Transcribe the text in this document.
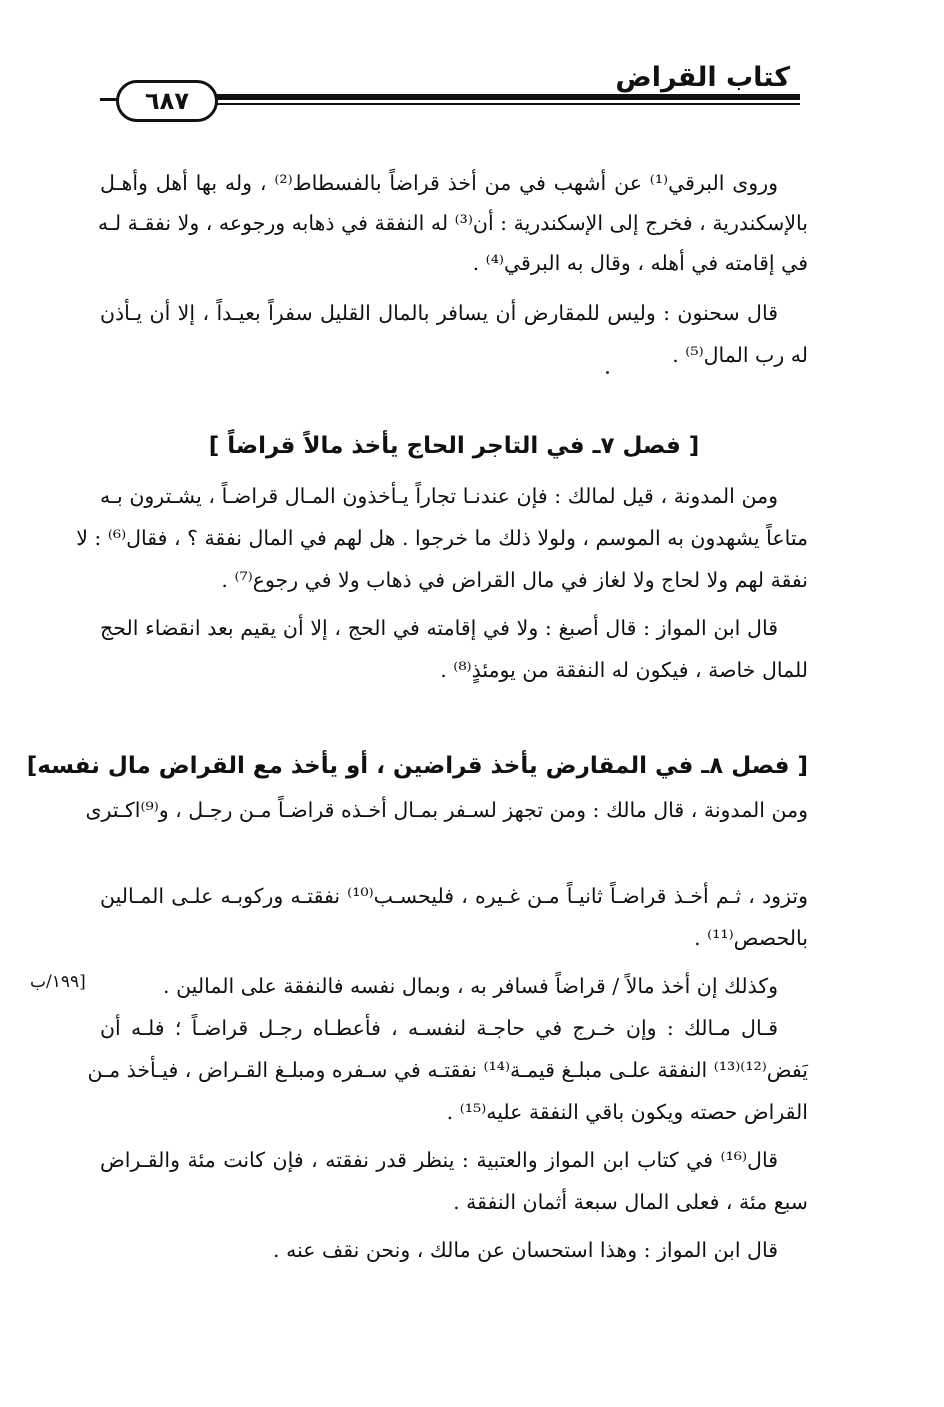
٦٨٧
كتاب القراض
وروى البرقي⁽¹⁾ عن أشهب في من أخذ قراضاً بالفسطاط⁽²⁾ ، وله بها أهل وأهـل
بالإسكندرية ، فخرج إلى الإسكندرية : أن⁽³⁾ له النفقة في ذهابه ورجوعه ، ولا نفقـة لـه
في إقامته في أهله ، وقال به البرقي⁽⁴⁾ .
قال سحنون : وليس للمقارض أن يسافر بالمال القليل سفراً بعيـداً ، إلا أن يـأذن
له رب المال⁽⁵⁾ .
[ فصل ٧ـ في التاجر الحاج يأخذ مالاً قراضاً ]
ومن المدونة ، قيل لمالك : فإن عندنـا تجاراً يـأخذون المـال قراضـاً ، يشـترون بـه
متاعاً يشهدون به الموسم ، ولولا ذلك ما خرجوا . هل لهم في المال نفقة ؟ ، فقال⁽⁶⁾ : لا
نفقة لهم ولا لحاج ولا لغاز في مال القراض في ذهاب ولا في رجوع⁽⁷⁾ .
قال ابن المواز : قال أصبغ : ولا في إقامته في الحج ، إلا أن يقيم بعد انقضاء الحج
للمال خاصة ، فيكون له النفقة من يومئذٍ⁽⁸⁾ .
[ فصل ٨ـ في المقارض يأخذ قراضين ، أو يأخذ مع القراض مال نفسه]
ومن المدونة ، قال مالك : ومن تجهز لسـفر بمـال أخـذه قراضـاً مـن رجـل ، و⁽⁹⁾اكـترى
وتزود ، ثـم أخـذ قراضـاً ثانيـاً مـن غـيره ، فليحسـب⁽¹⁰⁾ نفقتـه وركوبـه علـى المـالين
بالحصص⁽¹¹⁾ .
وكذلك إن أخذ مالاً / قراضاً فسافر به ، وبمال نفسه فالنفقة على المالين .
قـال مـالك : وإن خـرج في حاجـة لنفسـه ، فأعطـاه رجـل قراضـاً ؛ فلـه أن
يَفض⁽¹²⁾⁽¹³⁾ النفقة علـى مبلـغ قيمـة⁽¹⁴⁾ نفقتـه في سـفره ومبلـغ القـراض ، فيـأخذ مـن
القراض حصته ويكون باقي النفقة عليه⁽¹⁵⁾ .
قال⁽¹⁶⁾ في كتاب ابن المواز والعتبية : ينظر قدر نفقته ، فإن كانت مئة والقـراض
سبع مئة ، فعلى المال سبعة أثمان النفقة .
قال ابن المواز : وهذا استحسان عن مالك ، ونحن نقف عنه .
[١٩٩/ب
